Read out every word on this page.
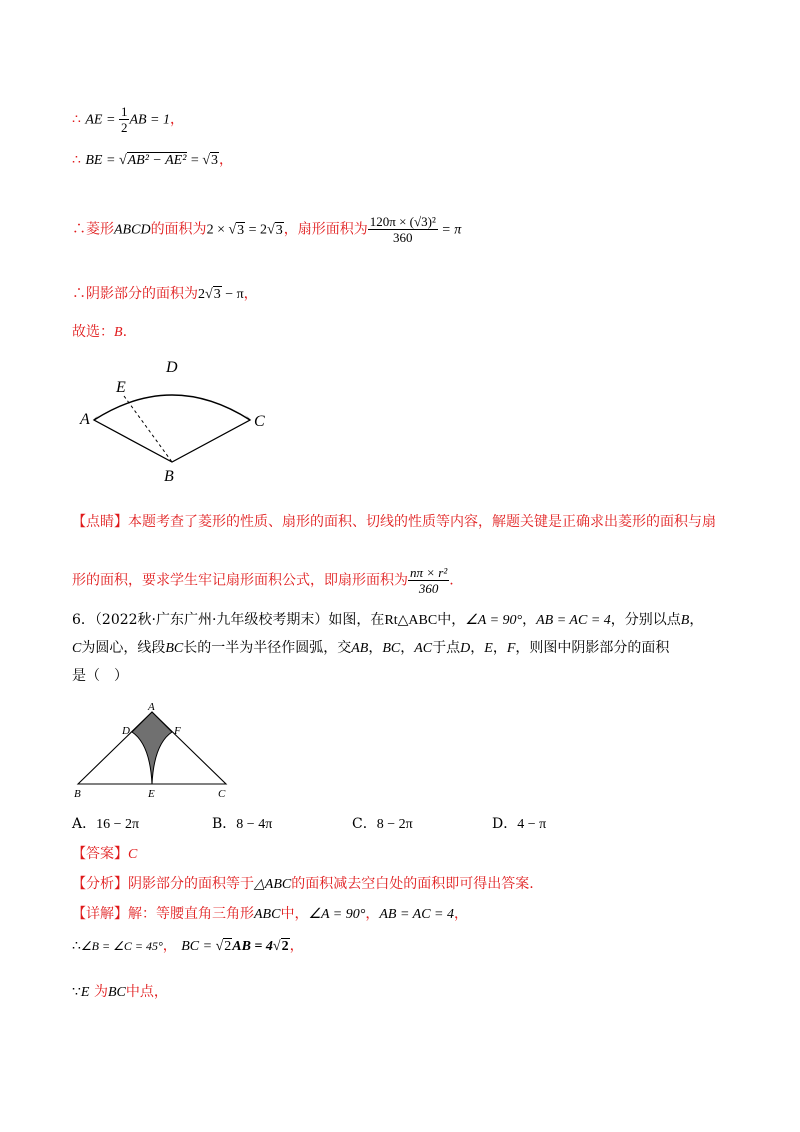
∴ AE = $\frac{1}{2}$ AB = 1，
∴ BE = √AB² − AE² = √3，
∴菱形ABCD的面积为2 × √3 = 2√3，扇形面积为 $\frac{\text{120π × (√3)²}}{360} = \pi$
∴阴影部分的面积为2√3 − π，
故选：B.
A
B
C
D
E
【点睛】本题考查了菱形的性质、扇形的面积、切线的性质等内容，解题关键是正确求出菱形的面积与扇
形的面积，要求学生牢记扇形面积公式，即扇形面积为 $\frac{\text{nπ × r²}}{360}$ .
6．（2022秋·广东广州·九年级校考期末）如图，在Rt△ABC中，∠A = 90°，AB = AC = 4，分别以点B，
C为圆心，线段BC长的一半为半径作圆弧，交AB，BC，AC于点D，E，F，则图中阴影部分的面积
是（　）
A
B	C
D
E
F
A．16 − 2π	B．8 − 4π	C．8 − 2π	D．4 − π
【答案】C
【分析】阴影部分的面积等于△ABC的面积减去空白处的面积即可得出答案.
【详解】解：等腰直角三角形ABC中，∠A = 90°，AB = AC = 4，
∴∠B = ∠C = 45°， BC = √2AB = 4√2，
∵E 为BC中点，
